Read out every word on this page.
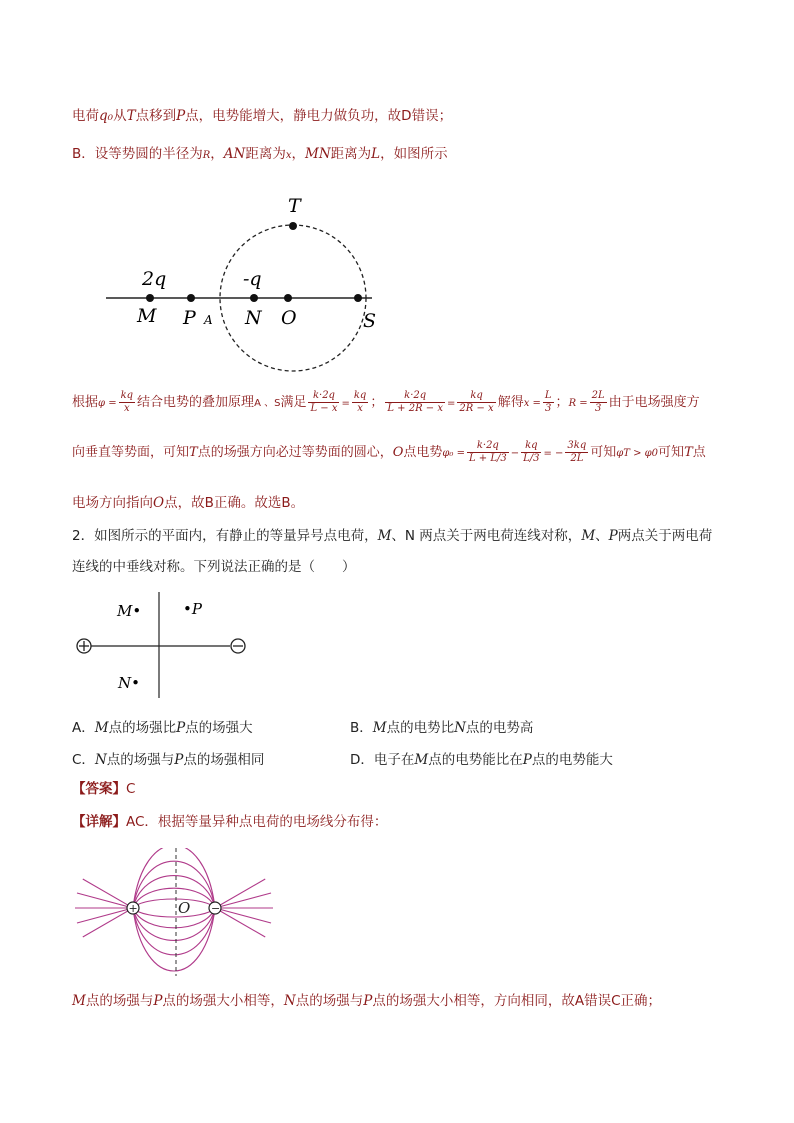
电荷q₀从T点移到P点，电势能增大，静电力做负功，故D错误；
B．设等势圆的半径为R，AN距离为x，MN距离为L，如图所示
T
2q	-q
M P A N O	S
根据$\varphi = \frac{kq}{x}$ 结合电势的叠加原理A 、S满足 $\frac{k\cdot 2q}{L - x} = \frac{kq}{x}$ ； $\frac{k\cdot 2q}{L + 2R - x} = \frac{kq}{2R - x}$ 解得$x = \frac{L}{3}$ ；$R = \frac{2L}{3}$ 由于电场强度方
向垂直等势面，可知T点的场强方向必过等势面的圆心，O点电势$\varphi_0 = \frac{k\cdot 2q}{L + L/3} - \frac{kq}{L/3}$ = − $\frac{3kq}{2L}$ 可知φT > φ0可知T点
电场方向指向O点，故B正确。故选B。
2．如图所示的平面内，有静止的等量异号点电荷，M、N 两点关于两电荷连线对称，M、P两点关于两电荷
连线的中垂线对称。下列说法正确的是（　　）
M•	•P
N•
A．M点的场强比P点的场强大	B．M点的电势比N点的电势高
C．N点的场强与P点的场强相同	D．电子在M点的电势能比在P点的电势能大
【答案】C
【详解】AC．根据等量异种点电荷的电场线分布得：
+	−
O
M点的场强与P点的场强大小相等，N点的场强与P点的场强大小相等，方向相同，故A错误C正确；
